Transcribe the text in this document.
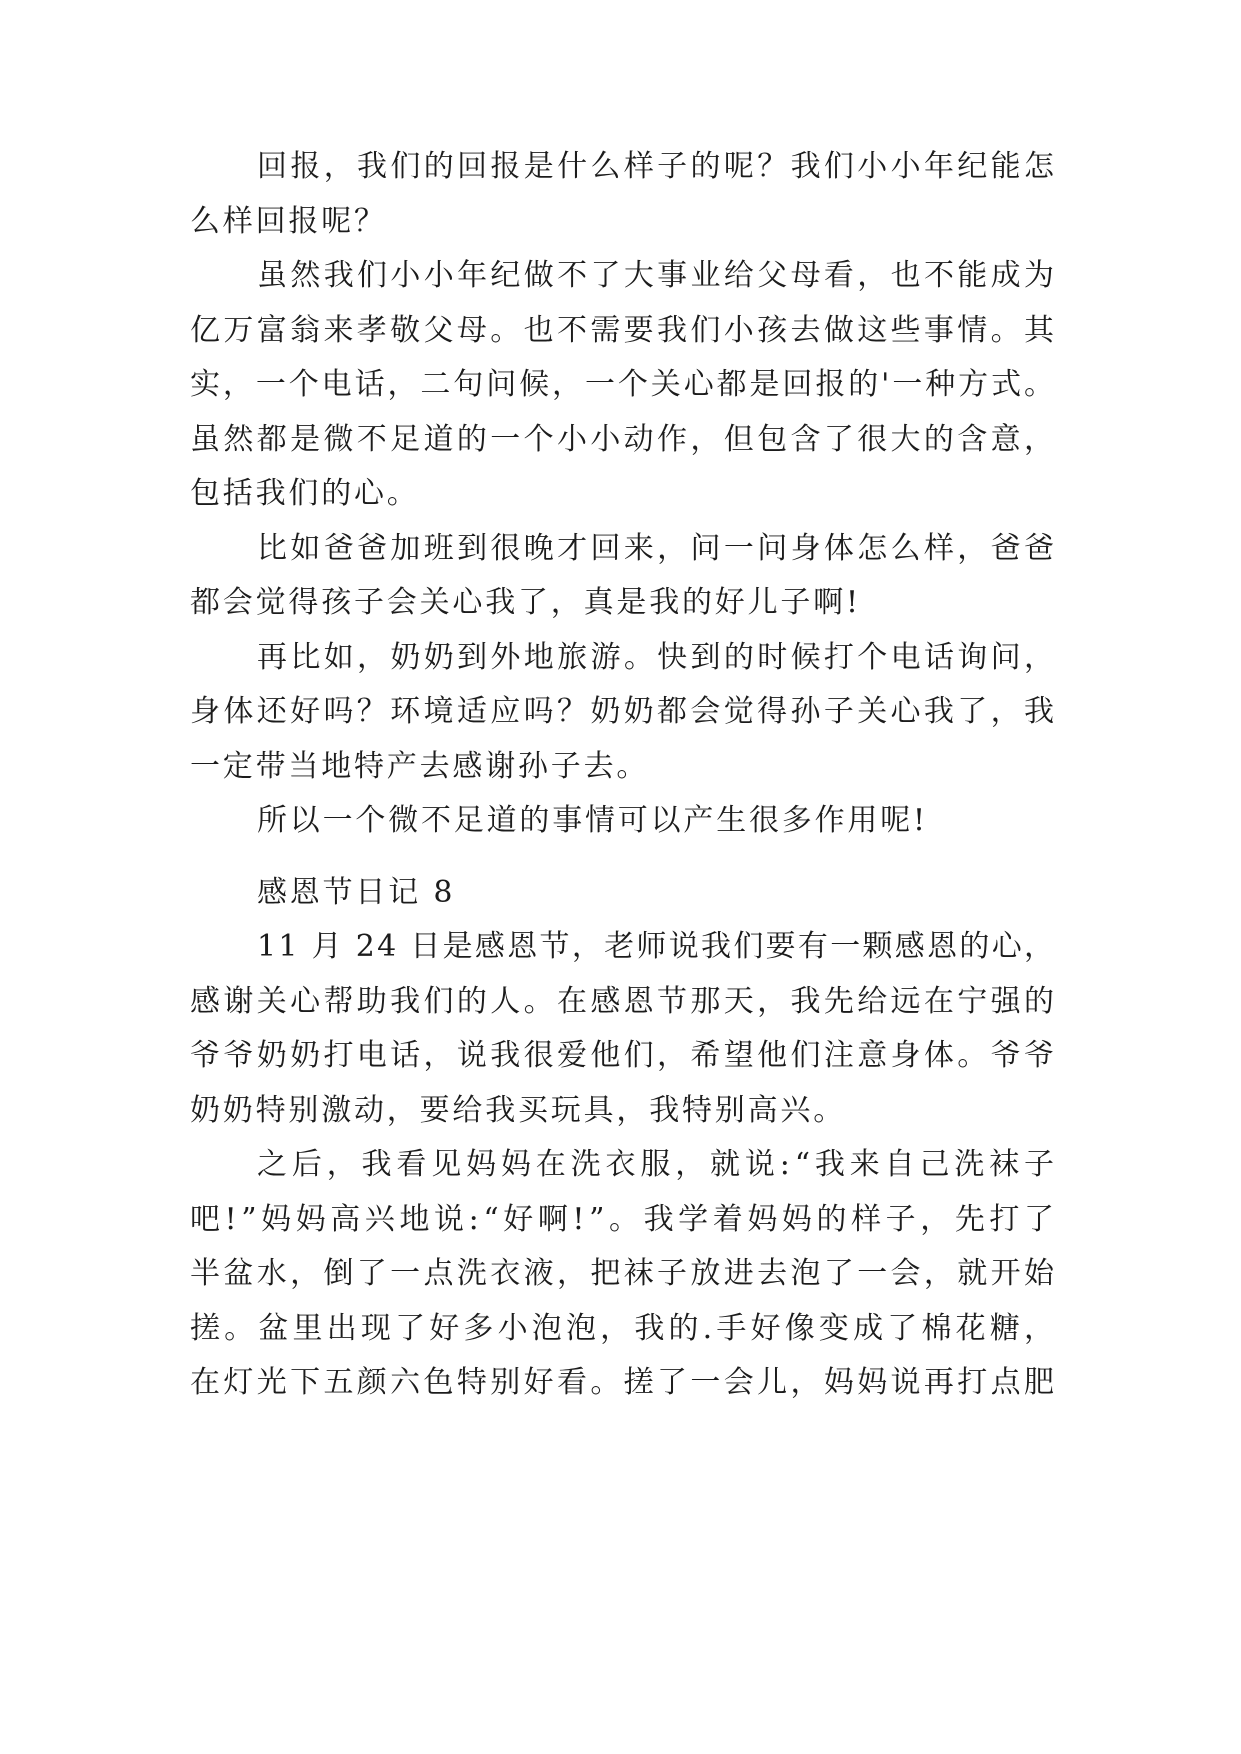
回报，我们的回报是什么样子的呢？我们小小年纪能怎
么样回报呢？
虽然我们小小年纪做不了大事业给父母看，也不能成为
亿万富翁来孝敬父母。也不需要我们小孩去做这些事情。其
实，一个电话，二句问候，一个关心都是回报的'一种方式。
虽然都是微不足道的一个小小动作，但包含了很大的含意，
包括我们的心。
比如爸爸加班到很晚才回来，问一问身体怎么样，爸爸
都会觉得孩子会关心我了，真是我的好儿子啊!
再比如，奶奶到外地旅游。快到的时候打个电话询问，
身体还好吗？环境适应吗？奶奶都会觉得孙子关心我了，我
一定带当地特产去感谢孙子去。
所以一个微不足道的事情可以产生很多作用呢!
感恩节日记 8
11 月 24 日是感恩节，老师说我们要有一颗感恩的心，
感谢关心帮助我们的人。在感恩节那天，我先给远在宁强的
爷爷奶奶打电话，说我很爱他们，希望他们注意身体。爷爷
奶奶特别激动，要给我买玩具，我特别高兴。
之后，我看见妈妈在洗衣服，就说:“我来自己洗袜子
吧!”妈妈高兴地说:“好啊!”。我学着妈妈的样子，先打了
半盆水，倒了一点洗衣液，把袜子放进去泡了一会，就开始
搓。盆里出现了好多小泡泡，我的.手好像变成了棉花糖，
在灯光下五颜六色特别好看。搓了一会儿，妈妈说再打点肥
